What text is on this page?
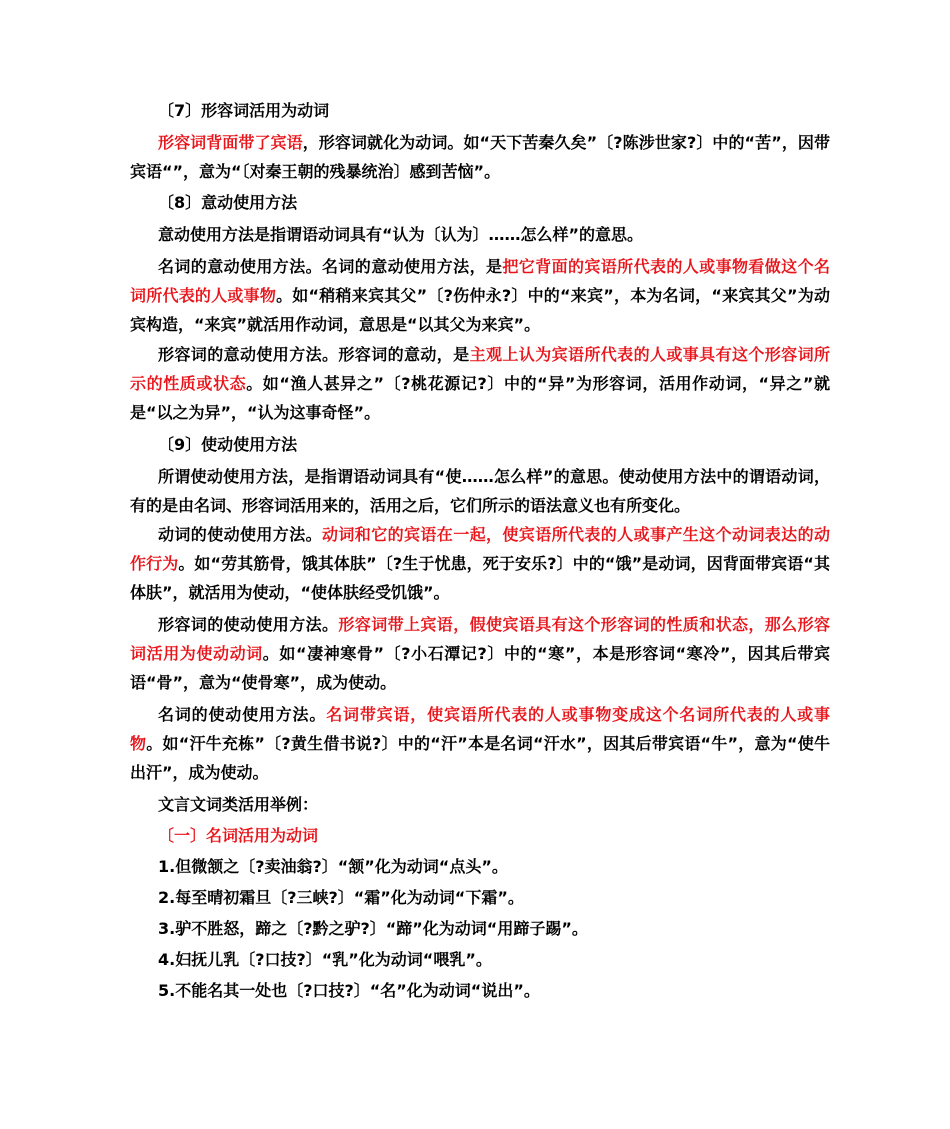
〔7〕形容词活用为动词
形容词背面带了宾语，形容词就化为动词。如“天下苦秦久矣”〔?陈涉世家?〕中的“苦”，因带宾语“”，意为“〔对秦王朝的残暴统治〕感到苦恼”。
〔8〕意动使用方法
意动使用方法是指谓语动词具有“认为〔认为〕……怎么样”的意思。
名词的意动使用方法。名词的意动使用方法，是把它背面的宾语所代表的人或事物看做这个名词所代表的人或事物。如“稍稍来宾其父”〔?伤仲永?〕中的“来宾”，本为名词，“来宾其父”为动宾构造，“来宾”就活用作动词，意思是“以其父为来宾”。
形容词的意动使用方法。形容词的意动，是主观上认为宾语所代表的人或事具有这个形容词所示的性质或状态。如“渔人甚异之”〔?桃花源记?〕中的“异”为形容词，活用作动词，“异之”就是“以之为异”，“认为这事奇怪”。
〔9〕使动使用方法
所谓使动使用方法，是指谓语动词具有“使……怎么样”的意思。使动使用方法中的谓语动词，有的是由名词、形容词活用来的，活用之后，它们所示的语法意义也有所变化。
动词的使动使用方法。动词和它的宾语在一起，使宾语所代表的人或事产生这个动词表达的动作行为。如“劳其筋骨，饿其体肤”〔?生于忧患，死于安乐?〕中的“饿”是动词，因背面带宾语“其体肤”，就活用为使动，“使体肤经受饥饿”。
形容词的使动使用方法。形容词带上宾语，假使宾语具有这个形容词的性质和状态，那么形容词活用为使动动词。如“凄神寒骨”〔?小石潭记?〕中的“寒”，本是形容词“寒冷”，因其后带宾语“骨”，意为“使骨寒”，成为使动。
名词的使动使用方法。名词带宾语，使宾语所代表的人或事物变成这个名词所代表的人或事物。如“汗牛充栋”〔?黄生借书说?〕中的“汗”本是名词“汗水”，因其后带宾语“牛”，意为“使牛出汗”，成为使动。
文言文词类活用举例：
〔一〕名词活用为动词
1.但微颔之〔?卖油翁?〕“颔”化为动词“点头”。
2.每至晴初霜旦〔?三峡?〕“霜”化为动词“下霜”。
3.驴不胜怒，蹄之〔?黔之驴?〕“蹄”化为动词“用蹄子踢”。
4.妇抚儿乳〔?口技?〕“乳”化为动词“喂乳”。
5.不能名其一处也〔?口技?〕“名”化为动词“说出”。
